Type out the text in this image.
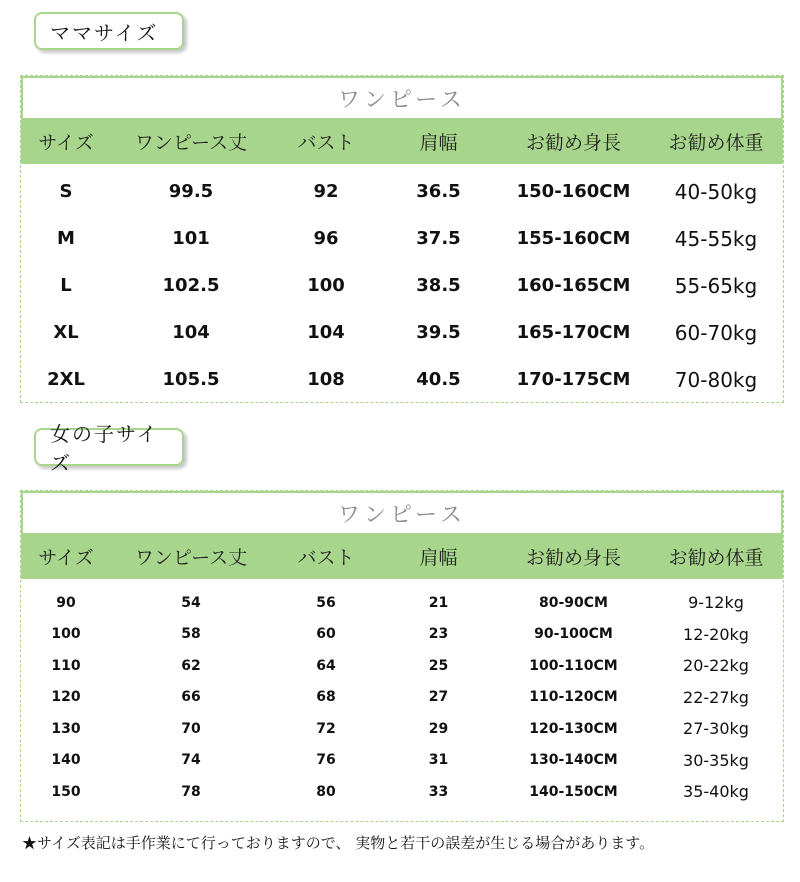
ママサイズ
ワンピース
サイズ	ワンピース丈	バスト	肩幅	お勧め身長	お勧め体重
S	99.5	92	36.5	150-160CM	40-50kg
M	101	96	37.5	155-160CM	45-55kg
L	102.5	100	38.5	160-165CM	55-65kg
XL	104	104	39.5	165-170CM	60-70kg
2XL	105.5	108	40.5	170-175CM	70-80kg
女の子サイズ
ワンピース
サイズ	ワンピース丈	バスト	肩幅	お勧め身長	お勧め体重
90	54	56	21	80-90CM	9-12kg
100	58	60	23	90-100CM	12-20kg
110	62	64	25	100-110CM	20-22kg
120	66	68	27	110-120CM	22-27kg
130	70	72	29	120-130CM	27-30kg
140	74	76	31	130-140CM	30-35kg
150	78	80	33	140-150CM	35-40kg
★サイズ表記は手作業にて行っておりますので、 実物と若干の誤差が生じる場合があります。
